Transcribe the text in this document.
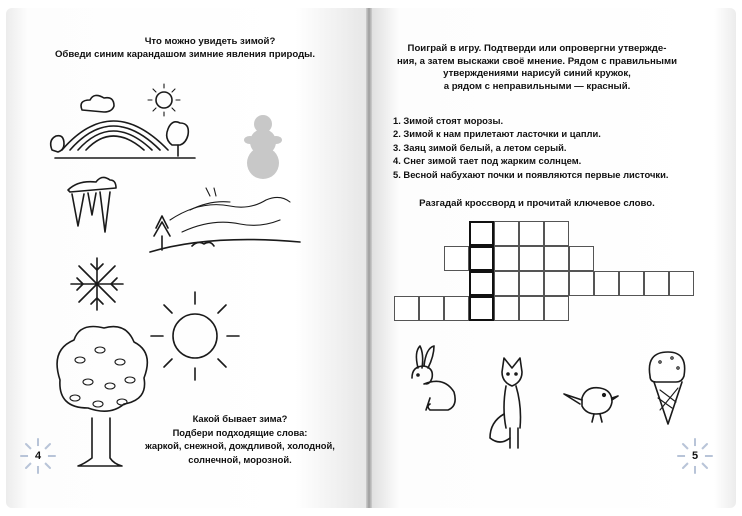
Что можно увидеть зимой?
Обведи синим карандашом зимние явления природы.
Какой бывает зима?
Подбери подходящие слова:
жаркой, снежной, дождливой, холодной,
солнечной, морозной.
Поиграй в игру. Подтверди или опровергни утвержде-
ния, а затем выскажи своё мнение. Рядом с правильными
утверждениями нарисуй синий кружок,
а рядом с неправильными — красный.
1. Зимой стоят морозы.
2. Зимой к нам прилетают ласточки и цапли.
3. Заяц зимой белый, а летом серый.
4. Снег зимой тает под жарким солнцем.
5. Весной набухают почки и появляются первые листочки.
Разгадай кроссворд и прочитай ключевое слово.
4	5
